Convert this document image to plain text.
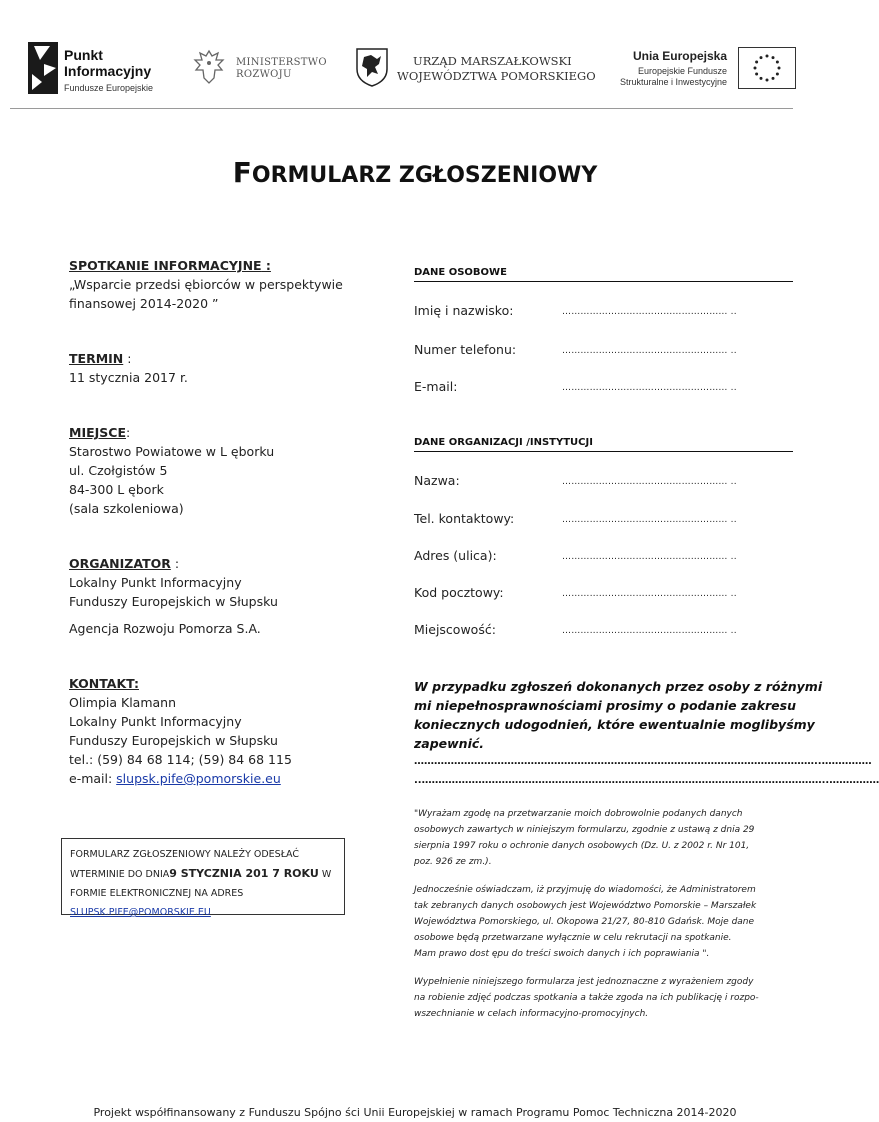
Punkt
Informacyjny
Fundusze Europejskie
MINISTERSTWO
ROZWOJU
URZĄD MARSZAŁKOWSKI
WOJEWÓDZTWA POMORSKIEGO
Unia Europejska
Europejskie Fundusze
Strukturalne i Inwestycyjne
FORMULARZ ZGŁOSZENIOWY

SPOTKANIE INFORMACYJNE :

„Wsparcie przedsi ębiorców w perspektywie

finansowej 2014-2020 ”

TERMIN :

11 stycznia 2017 r.

MIEJSCE:

Starostwo Powiatowe w L ęborku

ul. Czołgistów 5

84-300 L ębork

(sala szkoleniowa)

ORGANIZATOR :

Lokalny Punkt Informacyjny

Funduszy Europejskich w Słupsku

Agencja Rozwoju Pomorza S.A.

KONTAKT:

Olimpia Klamann

Lokalny Punkt Informacyjny

Funduszy Europejskich w Słupsku

tel.: (59) 84 68 114; (59) 84 68 115

e-mail: slupsk.pife@pomorskie.eu

FORMULARZ ZGŁOSZENIOWY NALEŻY ODESŁAĆ
WTERMINIE DO DNIA9 STYCZNIA 201 7 ROKU W
FORMIE ELEKTRONICZNEJ NA ADRES
SLUPSK.PIFE@POMORSKIE.EU
DANE OSOBOWE
Imię i nazwisko:	……………………………………………… ..
Numer telefonu:	……………………………………………… ..
E-mail:	……………………………………………… ..
DANE ORGANIZACJI /INSTYTUCJI
Nazwa:	……………………………………………… ..
Tel. kontaktowy:	……………………………………………… ..
Adres (ulica):	……………………………………………… ..
Kod pocztowy:	……………………………………………… ..
Miejscowość:	……………………………………………… ..
W przypadku zgłoszeń dokonanych przez osoby z różnymi
mi niepełnosprawnościami prosimy o podanie zakresu
koniecznych udogodnień, które ewentualnie moglibyśmy
zapewnić.
…………………………………………………………………………………………………………..……………
..…………………………………………………………………………………………………………..……………

"Wyrażam zgodę na przetwarzanie moich dobrowolnie podanych danych

osobowych zawartych w niniejszym formularzu, zgodnie z ustawą z dnia 29

sierpnia 1997 roku o ochronie danych osobowych (Dz. U. z 2002 r. Nr 101,

poz. 926 ze zm.).

Jednocześnie oświadczam, iż przyjmuję do wiadomości, że Administratorem

tak zebranych danych osobowych jest Województwo Pomorskie – Marszałek

Województwa Pomorskiego, ul. Okopowa 21/27, 80-810 Gdańsk. Moje dane

osobowe będą przetwarzane wyłącznie w celu rekrutacji na spotkanie.

Mam prawo dost ępu do treści swoich danych i ich poprawiania ".

Wypełnienie niniejszego formularza jest jednoznaczne z wyrażeniem zgody

na robienie zdjęć podczas spotkania a także zgoda na ich publikację i rozpo-

wszechnianie w celach informacyjno-promocyjnych.

Projekt współfinansowany z Funduszu Spójno ści Unii Europejskiej w ramach Programu Pomoc Techniczna 2014-2020
